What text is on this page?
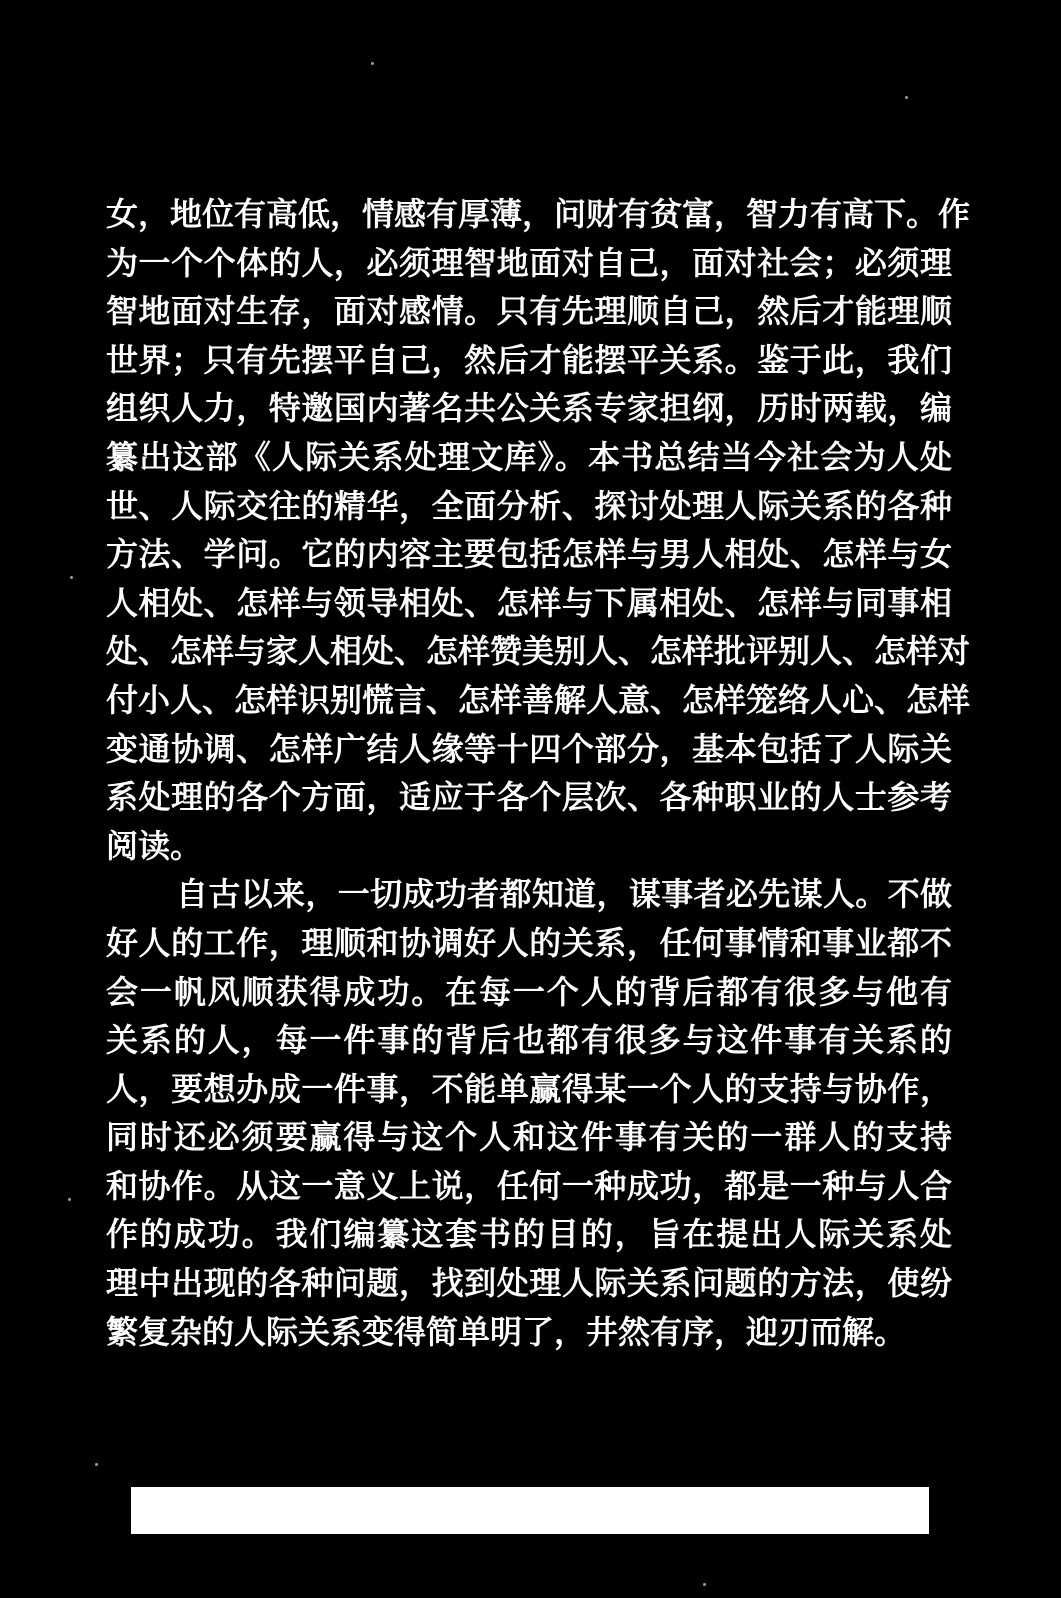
女，地位有高低，情感有厚薄，问财有贫富，智力有高下。作
为一个个体的人，必须理智地面对自己，面对社会；必须理
智地面对生存，面对感情。只有先理顺自己，然后才能理顺
世界；只有先摆平自己，然后才能摆平关系。鉴于此，我们
组织人力，特邀国内著名共公关系专家担纲，历时两载，编
纂出这部《人际关系处理文库》。本书总结当今社会为人处
世、人际交往的精华，全面分析、探讨处理人际关系的各种
方法、学问。它的内容主要包括怎样与男人相处、怎样与女
人相处、怎样与领导相处、怎样与下属相处、怎样与同事相
处、怎样与家人相处、怎样赞美别人、怎样批评别人、怎样对
付小人、怎样识别慌言、怎样善解人意、怎样笼络人心、怎样
变通协调、怎样广结人缘等十四个部分，基本包括了人际关
系处理的各个方面，适应于各个层次、各种职业的人士参考
阅读。
自古以来，一切成功者都知道，谋事者必先谋人。不做
好人的工作，理顺和协调好人的关系，任何事情和事业都不
会一帆风顺获得成功。在每一个人的背后都有很多与他有
关系的人，每一件事的背后也都有很多与这件事有关系的
人，要想办成一件事，不能单赢得某一个人的支持与协作，
同时还必须要赢得与这个人和这件事有关的一群人的支持
和协作。从这一意义上说，任何一种成功，都是一种与人合
作的成功。我们编纂这套书的目的，旨在提出人际关系处
理中出现的各种问题，找到处理人际关系问题的方法，使纷
繁复杂的人际关系变得简单明了，井然有序，迎刃而解。
